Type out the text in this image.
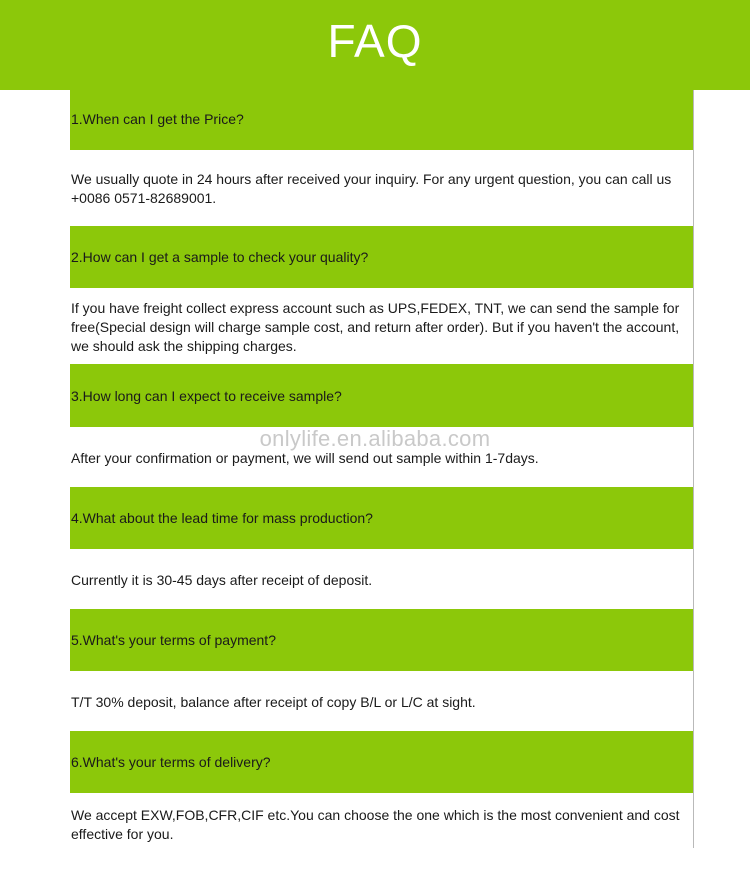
FAQ
1.When can I get the Price?
We usually quote in 24 hours after received your inquiry. For any urgent question, you can call us +0086 0571-82689001.
2.How can I get a sample to check your quality?
If you have freight collect express account such as UPS,FEDEX, TNT, we can send the sample for free(Special design will charge sample cost, and return after order). But if you haven't the account, we should ask the shipping charges.
3.How long can I expect to receive sample?
After your confirmation or payment, we will send out sample within 1-7days.
4.What about the lead time for mass production?
Currently it is 30-45 days after receipt of deposit.
5.What's your terms of payment?
T/T 30% deposit, balance after receipt of copy B/L or L/C at sight.
6.What's your terms of delivery?
We accept EXW,FOB,CFR,CIF etc.You can choose the one which is the most convenient and cost effective for you.
onlylife.en.alibaba.com
